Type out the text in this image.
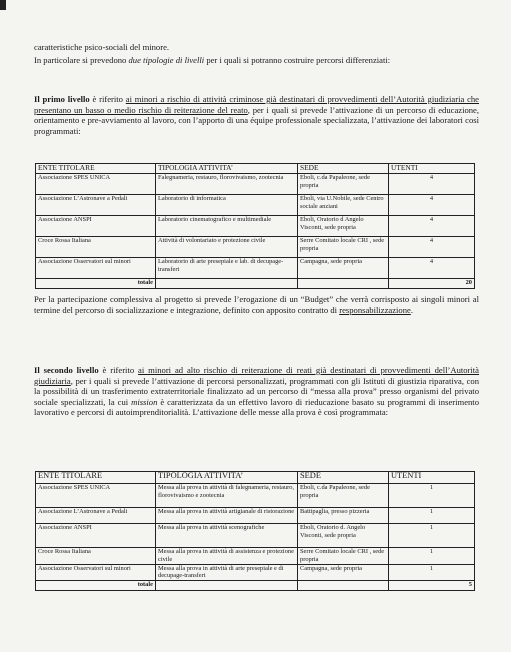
caratteristiche psico-sociali del minore.
In particolare si prevedono due tipologie di livelli per i quali si potranno costruire percorsi differenziati:
Il primo livello è riferito ai minori a rischio di attività criminose già destinatari di provvedimenti dell’Autorità giudiziaria che presentano un basso o medio rischio di reiterazione del reato, per i quali si prevede l’attivazione di un percorso di educazione, orientamento e pre-avviamento al lavoro, con l’apporto di una équipe professionale specializzata, l’attivazione dei laboratori così programmati:
ENTE TITOLARE	TIPOLOGIA ATTIVITA’	SEDE	UTENTI
Associazione SPES UNICA	Falegnameria, restauro, florovivaismo, zootecnia	Eboli, c.da Papaleone, sede propria	4
Associazione L’Astronave a Pedali	Laboratorio di informatica	Eboli, via U.Nobile, sede Centro sociale anziani	4
Associazione ANSPI	Laboratorio cinematografico e multimediale	Eboli, Oratorio d Angelo Visconti, sede propria	4
Croce Rossa Italiana	Attività di volontariato e protezione civile	Serre Comitato locale CRI , sede propria	4
Associazione Osservatori sul minori	Laboratorio di arte presepiale e lab. di decupage-transfert	Campagna, sede propria	4
totale			20
Per la partecipazione complessiva al progetto si prevede l’erogazione di un “Budget” che verrà corrisposto ai singoli minori al termine del percorso di socializzazione e integrazione, definito con apposito contratto di responsabilizzazione.
Il secondo livello è riferito ai minori ad alto rischio di reiterazione di reati già destinatari di provvedimenti dell’Autorità giudiziaria, per i quali si prevede l’attivazione di percorsi personalizzati, programmati con gli Istituti di giustizia riparativa, con la possibilità di un trasferimento extraterritoriale finalizzato ad un percorso di “messa alla prova” presso organismi del privato sociale specializzati, la cui mission è caratterizzata da un effettivo lavoro di rieducazione basato su programmi di inserimento lavorativo e percorsi di autoimprenditorialità. L’attivazione delle messe alla prova è così programmata:
ENTE TITOLARE	TIPOLOGIA ATTIVITA’	SEDE	UTENTI
Associazione SPES UNICA	Messa alla prova in attività di falegnameria, restauro, florovivaismo e zootecnia	Eboli, c.da Papaleone, sede propria	1
Associazione L’Astronave a Pedali	Messa alla prova in attività artigianale di ristorazione	Battipaglia, presso pizzeria	1
Associazione ANSPI	Messa alla prova in attività scenografiche	Eboli, Oratorio d. Angelo Visconti, sede propria	1
Croce Rossa Italiana	Messa alla prova in attività di assistenza e protezione civile	Serre Comitato locale CRI , sede propria	1
Associazione Osservatori sul minori	Messa alla prova in attività di arte presepiale e di decupage-transfert	Campagna, sede propria	1
totale			5
